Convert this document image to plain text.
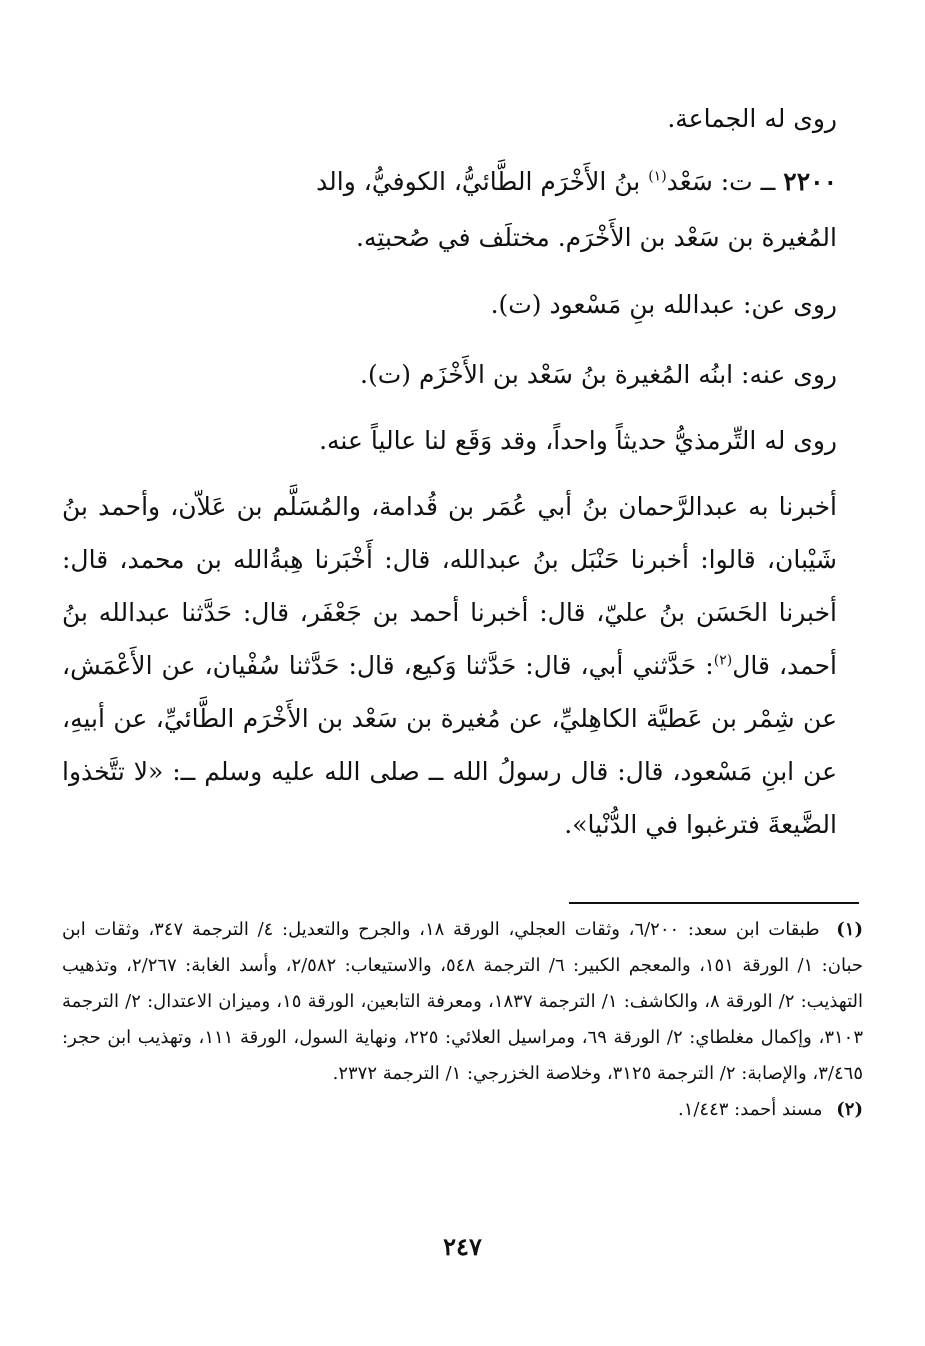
روى له الجماعة.

٢٢٠٠ ــ ت: سَعْد$^{(١)}$ بنُ الأَخْرَم الطَّائيُّ، الكوفيُّ، والد

المُغيرة بن سَعْد بن الأَخْرَم. مختلَف في صُحبتِه.

روى عن: عبدالله بنِ مَسْعود (ت).

روى عنه: ابنُه المُغيرة بنُ سَعْد بن الأَخْزَم (ت).

روى له التِّرمذيُّ حديثاً واحداً، وقد وَقَع لنا عالياً عنه.

أخبرنا به عبدالرَّحمان بنُ أبي عُمَر بن قُدامة، والمُسَلَّم بن عَلاّن، وأحمد بنُ شَيْبان، قالوا: أخبرنا حَنْبَل بنُ عبدالله، قال: أَخْبَرنا هِبةُالله بن محمد، قال: أخبرنا الحَسَن بنُ عليّ، قال: أخبرنا أحمد بن جَعْفَر، قال: حَدَّثنا عبدالله بنُ أحمد، قال$^{(٢)}$: حَدَّثني أبي، قال: حَدَّثنا وَكيع، قال: حَدَّثنا سُفْيان، عن الأَعْمَش، عن شِمْر بن عَطيَّة الكاهِليِّ، عن مُغيرة بن سَعْد بن الأَخْرَم الطَّائيِّ، عن أبيهِ، عن ابنِ مَسْعود، قال: قال رسولُ الله ــ صلى الله عليه وسلم ــ: «لا تتَّخذوا الضَّيعةَ فترغبوا في الدُّنْيا».

(١) طبقات ابن سعد: ٦/٢٠٠، وثقات العجلي، الورقة ١٨، والجرح والتعديل: ٤/ الترجمة ٣٤٧، وثقات ابن حبان: ١/ الورقة ١٥١، والمعجم الكبير: ٦/ الترجمة ٥٤٨، والاستيعاب: ٢/٥٨٢، وأسد الغابة: ٢/٢٦٧، وتذهيب التهذيب: ٢/ الورقة ٨، والكاشف: ١/ الترجمة ١٨٣٧، ومعرفة التابعين، الورقة ١٥، وميزان الاعتدال: ٢/ الترجمة ٣١٠٣، وإكمال مغلطاي: ٢/ الورقة ٦٩، ومراسيل العلائي: ٢٢٥، ونهاية السول، الورقة ١١١، وتهذيب ابن حجر: ٣/٤٦٥، والإصابة: ٢/ الترجمة ٣١٢٥، وخلاصة الخزرجي: ١/ الترجمة ٢٣٧٢.

(٢) مسند أحمد: ١/٤٤٣.

٢٤٧
